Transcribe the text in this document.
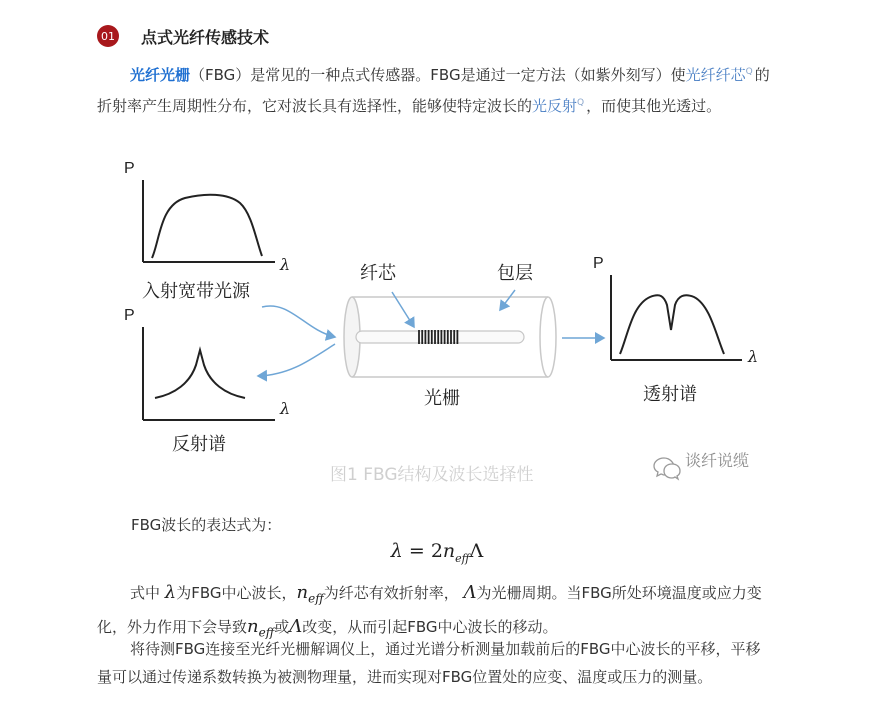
01 点式光纤传感技术
光纤光栅（FBG）是常见的一种点式传感器。FBG是通过一定方法（如紫外刻写）使光纤纤芯$^Q$ 的折射率产生周期性分布，它对波长具有选择性，能够使特定波长的光反射$^Q$ ，而使其他光透过。
P
λ
入射宽带光源
P
λ
反射谱
纤芯	包层
光栅
P
λ
透射谱
图1 FBG结构及波长选择性
谈纤说缆
FBG波长的表达式为：
$\lambda = 2n_{eff}\Lambda$
式中 λ为FBG中心波长，$n_{eff}$为纤芯有效折射率， Λ为光栅周期。当FBG所处环境温度或应力变化，外力作用下会导致$n_{eff}$或Λ改变，从而引起FBG中心波长的移动。
将待测FBG连接至光纤光栅解调仪上，通过光谱分析测量加载前后的FBG中心波长的平移，平移量可以通过传递系数转换为被测物理量，进而实现对FBG位置处的应变、温度或压力的测量。
